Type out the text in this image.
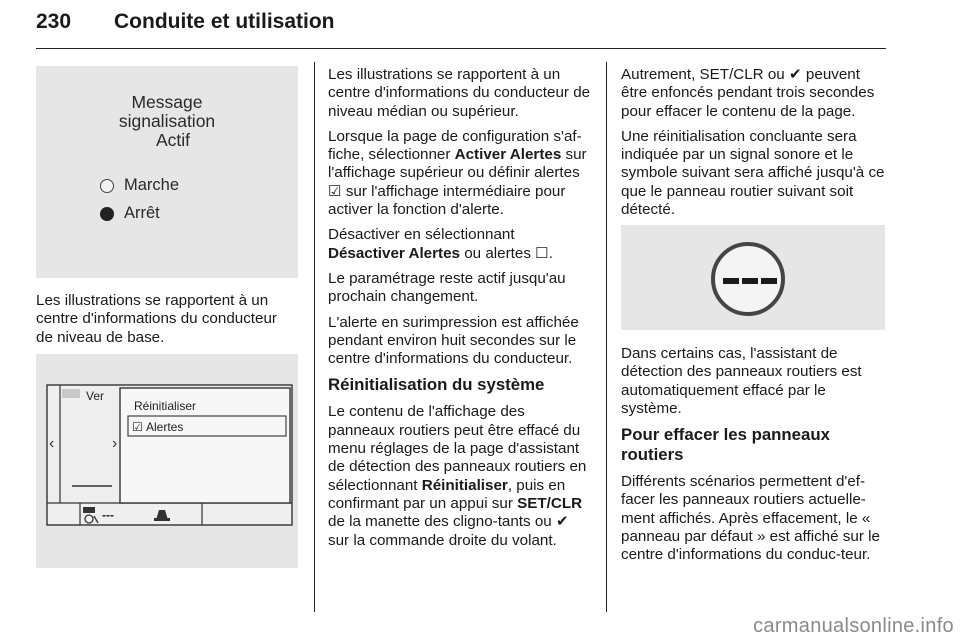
230 Conduite et utilisation
Message
signalisation
Actif
Marche
Arrêt

Les illustrations se rapportent à un centre d'informations du conducteur de niveau de base.

Ver
‹	›
Réinitialiser
☑ Alertes
---

Les illustrations se rapportent à un centre d'informations du conducteur de niveau médian ou supérieur.

Lorsque la page de configuration s'af-fiche, sélectionner Activer Alertes sur l'affichage supérieur ou définir alertes ☑ sur l'affichage intermédiaire pour activer la fonction d'alerte.

Désactiver en sélectionnant Désactiver Alertes ou alertes ☐.

Le paramétrage reste actif jusqu'au prochain changement.

L'alerte en surimpression est affichée pendant environ huit secondes sur le centre d'informations du conducteur.

Réinitialisation du système

Le contenu de l'affichage des panneaux routiers peut être effacé du menu réglages de la page d'assistant de détection des panneaux routiers en sélectionnant Réinitialiser, puis en confirmant par un appui sur SET/CLR de la manette des cligno-tants ou ✔ sur la commande droite du volant.

Autrement, SET/CLR ou ✔ peuvent être enfoncés pendant trois secondes pour effacer le contenu de la page.

Une réinitialisation concluante sera indiquée par un signal sonore et le symbole suivant sera affiché jusqu'à ce que le panneau routier suivant soit détecté.

Dans certains cas, l'assistant de détection des panneaux routiers est automatiquement effacé par le système.

Pour effacer les panneaux routiers

Différents scénarios permettent d'ef-facer les panneaux routiers actuelle-ment affichés. Après effacement, le « panneau par défaut » est affiché sur le centre d'informations du conduc-teur.

carmanualsonline.info
